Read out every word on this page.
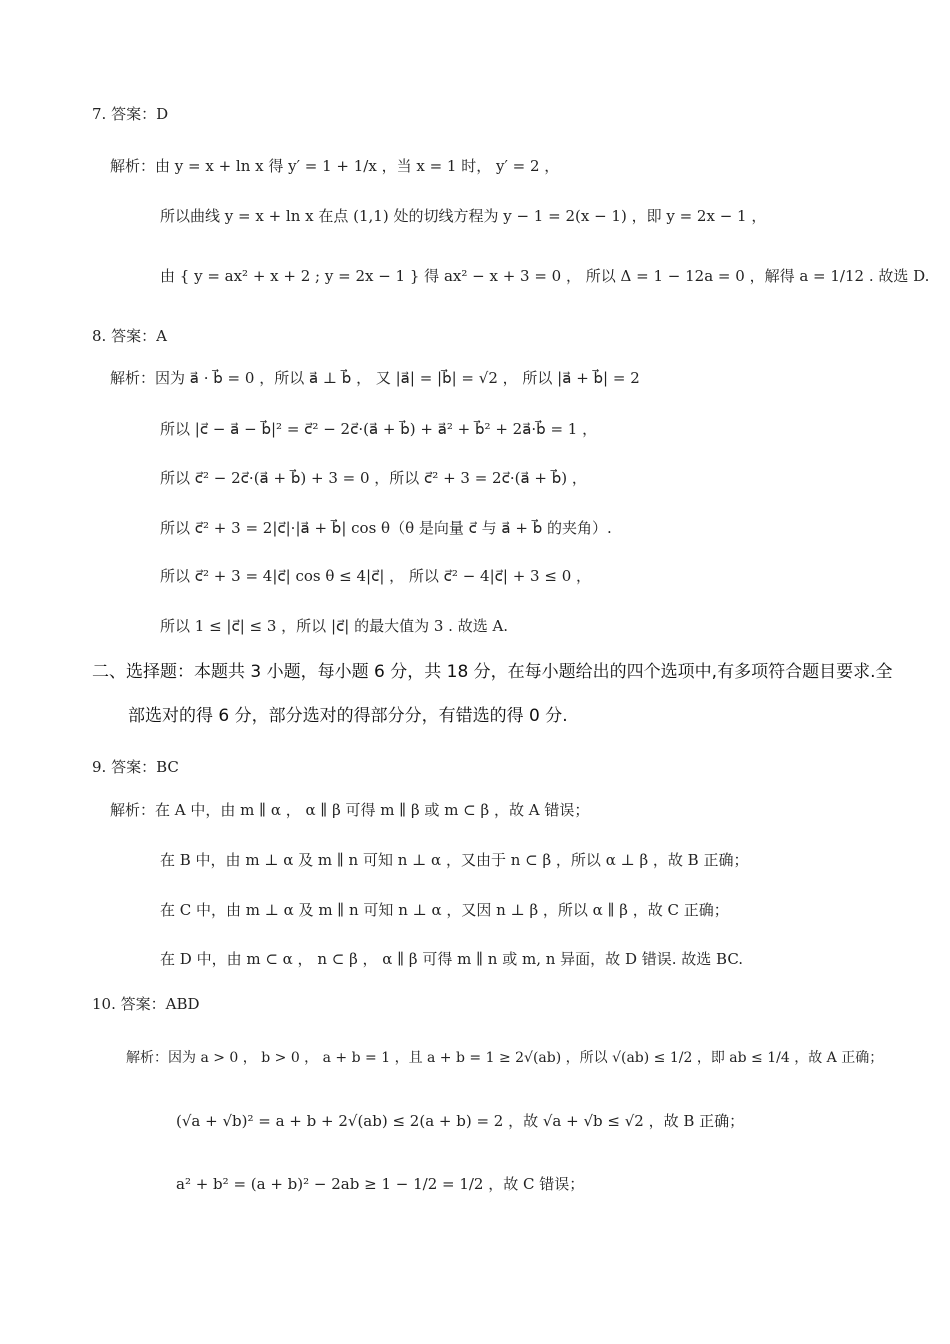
7. 答案：D
解析：由 y = x + ln x 得 y′ = 1 + 1/x ，当 x = 1 时， y′ = 2 ，
所以曲线 y = x + ln x 在点 (1,1) 处的切线方程为 y − 1 = 2(x − 1) ，即 y = 2x − 1 ，
由 { y = ax² + x + 2 ; y = 2x − 1 } 得 ax² − x + 3 = 0 ， 所以 Δ = 1 − 12a = 0 ，解得 a = 1/12 . 故选 D.
8. 答案：A
解析：因为 a⃗ · b⃗ = 0 ，所以 a⃗ ⊥ b⃗ ， 又 |a⃗| = |b⃗| = √2 ， 所以 |a⃗ + b⃗| = 2
所以 |c⃗ − a⃗ − b⃗|² = c⃗² − 2c⃗·(a⃗ + b⃗) + a⃗² + b⃗² + 2a⃗·b⃗ = 1 ，
所以 c⃗² − 2c⃗·(a⃗ + b⃗) + 3 = 0 ，所以 c⃗² + 3 = 2c⃗·(a⃗ + b⃗) ，
所以 c⃗² + 3 = 2|c⃗|·|a⃗ + b⃗| cos θ（θ 是向量 c⃗ 与 a⃗ + b⃗ 的夹角）.
所以 c⃗² + 3 = 4|c⃗| cos θ ≤ 4|c⃗| ， 所以 c⃗² − 4|c⃗| + 3 ≤ 0 ，
所以 1 ≤ |c⃗| ≤ 3 ，所以 |c⃗| 的最大值为 3 . 故选 A.
二、选择题：本题共 3 小题，每小题 6 分，共 18 分，在每小题给出的四个选项中,有多项符合题目要求.全
部选对的得 6 分，部分选对的得部分分，有错选的得 0 分.
9. 答案：BC
解析：在 A 中，由 m ∥ α ， α ∥ β 可得 m ∥ β 或 m ⊂ β ，故 A 错误；
在 B 中，由 m ⊥ α 及 m ∥ n 可知 n ⊥ α ，又由于 n ⊂ β ，所以 α ⊥ β ，故 B 正确；
在 C 中，由 m ⊥ α 及 m ∥ n 可知 n ⊥ α ，又因 n ⊥ β ，所以 α ∥ β ，故 C 正确；
在 D 中，由 m ⊂ α ， n ⊂ β ， α ∥ β 可得 m ∥ n 或 m, n 异面，故 D 错误. 故选 BC.
10. 答案：ABD
解析：因为 a > 0 ， b > 0 ， a + b = 1 ，且 a + b = 1 ≥ 2√(ab) ，所以 √(ab) ≤ 1/2 ，即 ab ≤ 1/4 ，故 A 正确；
(√a + √b)² = a + b + 2√(ab) ≤ 2(a + b) = 2 ，故 √a + √b ≤ √2 ，故 B 正确；
a² + b² = (a + b)² − 2ab ≥ 1 − 1/2 = 1/2 ，故 C 错误；
